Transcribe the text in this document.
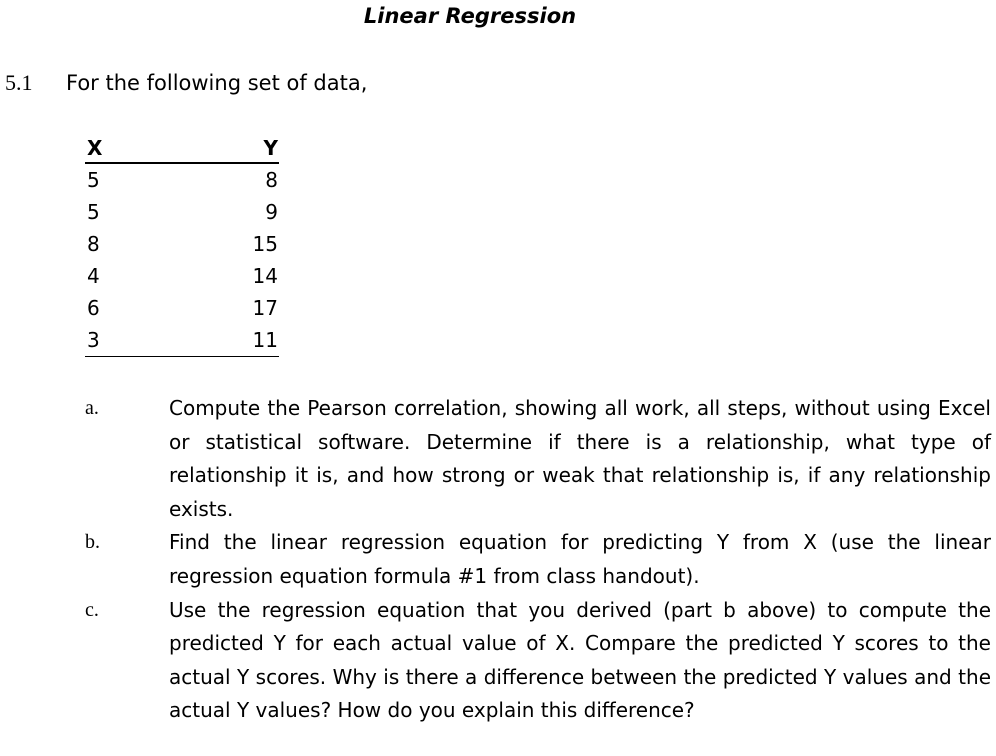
Linear Regression
5.1 For the following set of data,
X	Y
5	8
5	9
8	15
4	14
6	17
3	11
a.	Compute the Pearson correlation, showing all work, all steps, without using Excel or statistical software. Determine if there is a relationship, what type of relationship it is, and how strong or weak that relationship is, if any relationship exists.
b.	Find the linear regression equation for predicting Y from X (use the linear regression equation formula #1 from class handout).
c.	Use the regression equation that you derived (part b above) to compute the predicted Y for each actual value of X. Compare the predicted Y scores to the actual Y scores. Why is there a difference between the predicted Y values and the actual Y values? How do you explain this difference?
